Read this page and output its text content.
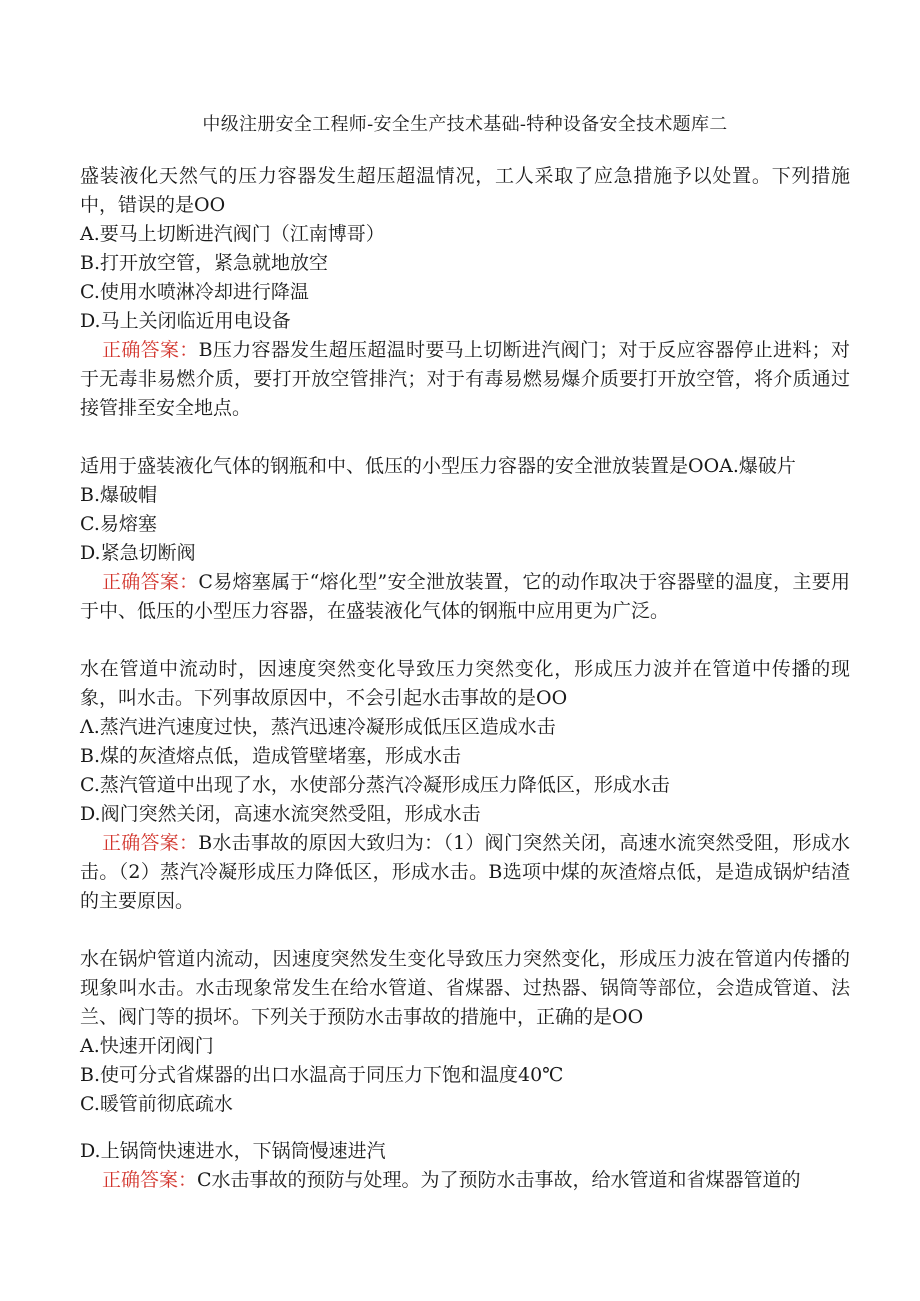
中级注册安全工程师-安全生产技术基础-特种设备安全技术题库二

盛装液化天然气的压力容器发生超压超温情况，工人采取了应急措施予以处置。下列措施中，错误的是OO

A.要马上切断进汽阀门（江南博哥）

B.打开放空管，紧急就地放空

C.使用水喷淋冷却进行降温

D.马上关闭临近用电设备

正确答案：B压力容器发生超压超温时要马上切断进汽阀门；对于反应容器停止进料；对于无毒非易燃介质，要打开放空管排汽；对于有毒易燃易爆介质要打开放空管，将介质通过接管排至安全地点。

适用于盛装液化气体的钢瓶和中、低压的小型压力容器的安全泄放装置是OOA.爆破片

B.爆破帽

C.易熔塞

D.紧急切断阀

正确答案：C易熔塞属于“熔化型”安全泄放装置，它的动作取决于容器壁的温度，主要用于中、低压的小型压力容器，在盛装液化气体的钢瓶中应用更为广泛。

水在管道中流动时，因速度突然变化导致压力突然变化，形成压力波并在管道中传播的现象，叫水击。下列事故原因中，不会引起水击事故的是OO

Λ.蒸汽进汽速度过快，蒸汽迅速冷凝形成低压区造成水击

B.煤的灰渣熔点低，造成管壁堵塞，形成水击

C.蒸汽管道中出现了水，水使部分蒸汽冷凝形成压力降低区，形成水击

D.阀门突然关闭，高速水流突然受阻，形成水击

正确答案：B水击事故的原因大致归为：（1）阀门突然关闭，高速水流突然受阻，形成水击。（2）蒸汽冷凝形成压力降低区，形成水击。B选项中煤的灰渣熔点低，是造成锅炉结渣的主要原因。

水在锅炉管道内流动，因速度突然发生变化导致压力突然变化，形成压力波在管道内传播的现象叫水击。水击现象常发生在给水管道、省煤器、过热器、锅筒等部位，会造成管道、法兰、阀门等的损坏。下列关于预防水击事故的措施中，正确的是OO

A.快速开闭阀门

B.使可分式省煤器的出口水温高于同压力下饱和温度40℃

C.暖管前彻底疏水

D.上锅筒快速进水，下锅筒慢速进汽

正确答案：C水击事故的预防与处理。为了预防水击事故，给水管道和省煤器管道的
